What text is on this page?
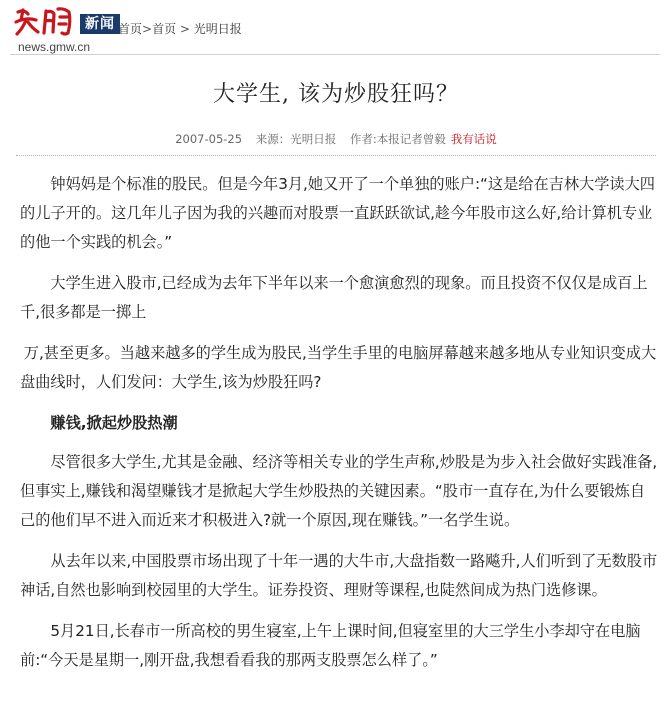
新闻
news.gmw.cn
首页>首页 > 光明日报
大学生, 该为炒股狂吗？
2007-05-25 来源：光明日报 作者:本报记者曾毅 我有话说

钟妈妈是个标准的股民。但是今年3月,她又开了一个单独的账户:“这是给在吉林大学读大四的儿子开的。这几年儿子因为我的兴趣而对股票一直跃跃欲试,趁今年股市这么好,给计算机专业的他一个实践的机会。”

大学生进入股市,已经成为去年下半年以来一个愈演愈烈的现象。而且投资不仅仅是成百上千,很多都是一掷上

万,甚至更多。当越来越多的学生成为股民,当学生手里的电脑屏幕越来越多地从专业知识变成大盘曲线时，人们发问：大学生,该为炒股狂吗?

赚钱,掀起炒股热潮

尽管很多大学生,尤其是金融、经济等相关专业的学生声称,炒股是为步入社会做好实践准备,但事实上,赚钱和渴望赚钱才是掀起大学生炒股热的关键因素。“股市一直存在,为什么要锻炼自己的他们早不进入而近来才积极进入?就一个原因,现在赚钱。”一名学生说。

从去年以来,中国股票市场出现了十年一遇的大牛市,大盘指数一路飚升,人们听到了无数股市神话,自然也影响到校园里的大学生。证券投资、理财等课程,也陡然间成为热门选修课。

5月21日,长春市一所高校的男生寝室,上午上课时间,但寝室里的大三学生小李却守在电脑前:“今天是星期一,刚开盘,我想看看我的那两支股票怎么样了。”
